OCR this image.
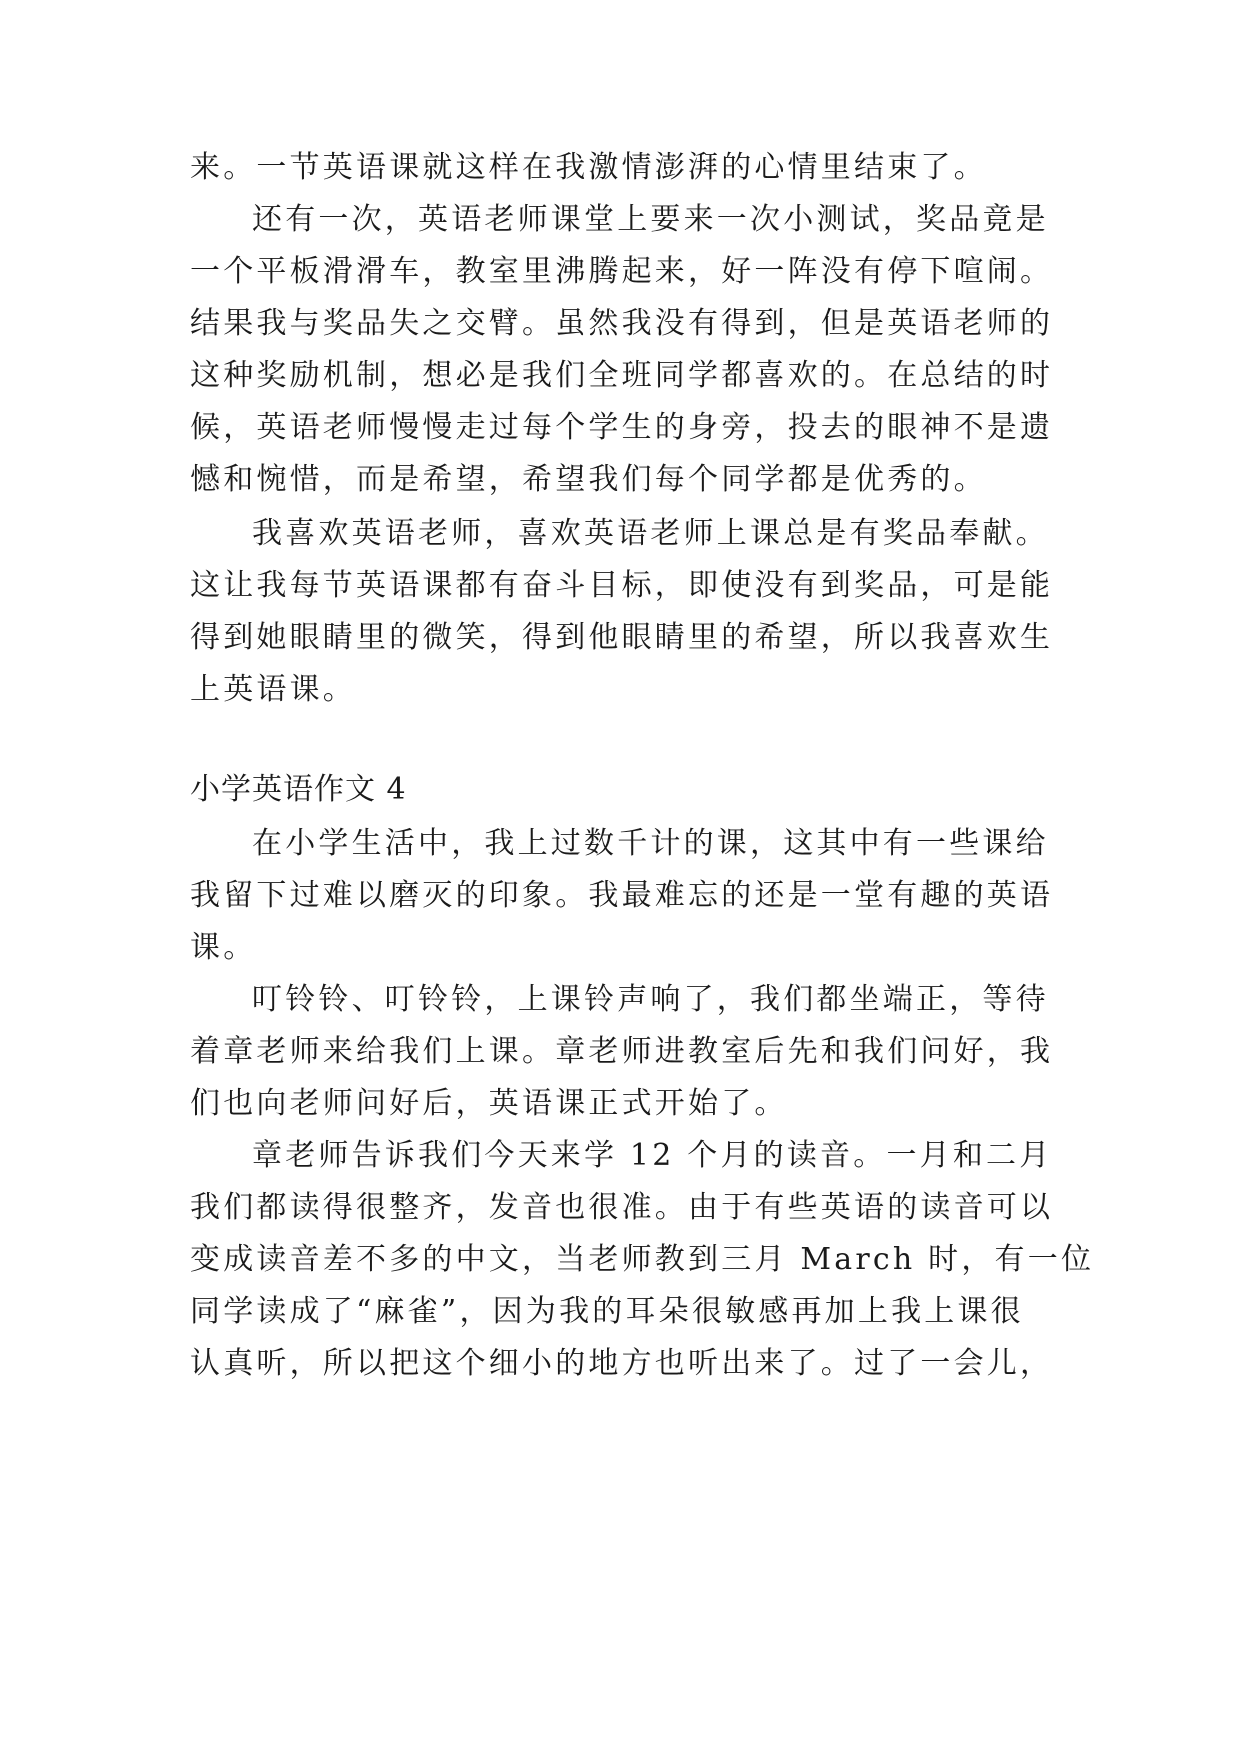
来。一节英语课就这样在我激情澎湃的心情里结束了。
还有一次，英语老师课堂上要来一次小测试，奖品竟是
一个平板滑滑车，教室里沸腾起来，好一阵没有停下喧闹。
结果我与奖品失之交臂。虽然我没有得到，但是英语老师的
这种奖励机制，想必是我们全班同学都喜欢的。在总结的时
候，英语老师慢慢走过每个学生的身旁，投去的眼神不是遗
憾和惋惜，而是希望，希望我们每个同学都是优秀的。
我喜欢英语老师，喜欢英语老师上课总是有奖品奉献。
这让我每节英语课都有奋斗目标，即使没有到奖品，可是能
得到她眼睛里的微笑，得到他眼睛里的希望，所以我喜欢生
上英语课。
小学英语作文 4
在小学生活中，我上过数千计的课，这其中有一些课给
我留下过难以磨灭的印象。我最难忘的还是一堂有趣的英语
课。
叮铃铃、叮铃铃，上课铃声响了，我们都坐端正，等待
着章老师来给我们上课。章老师进教室后先和我们问好，我
们也向老师问好后，英语课正式开始了。
章老师告诉我们今天来学 12 个月的读音。一月和二月
我们都读得很整齐，发音也很准。由于有些英语的读音可以
变成读音差不多的中文，当老师教到三月 March 时，有一位
同学读成了“麻雀”，因为我的耳朵很敏感再加上我上课很
认真听，所以把这个细小的地方也听出来了。过了一会儿，
